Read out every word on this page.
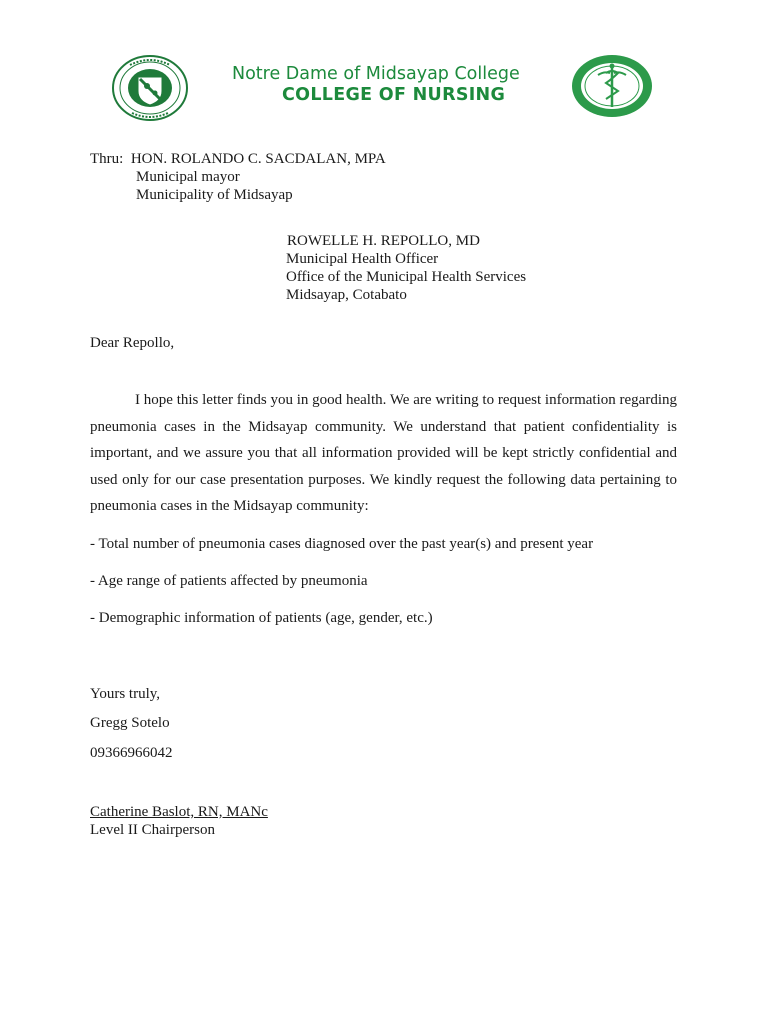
Notre Dame of Midsayap College
COLLEGE OF NURSING
Thru: HON. ROLANDO C. SACDALAN, MPA
Municipal mayor
Municipality of Midsayap
ROWELLE H. REPOLLO, MD
Municipal Health Officer
Office of the Municipal Health Services
Midsayap, Cotabato
Dear Repollo,
I hope this letter finds you in good health. We are writing to request information regarding pneumonia cases in the Midsayap community. We understand that patient confidentiality is important, and we assure you that all information provided will be kept strictly confidential and used only for our case presentation purposes. We kindly request the following data pertaining to pneumonia cases in the Midsayap community:
- Total number of pneumonia cases diagnosed over the past year(s) and present year
- Age range of patients affected by pneumonia
- Demographic information of patients (age, gender, etc.)
Yours truly,
Gregg Sotelo
09366966042
Catherine Baslot, RN, MANc
Level II Chairperson
